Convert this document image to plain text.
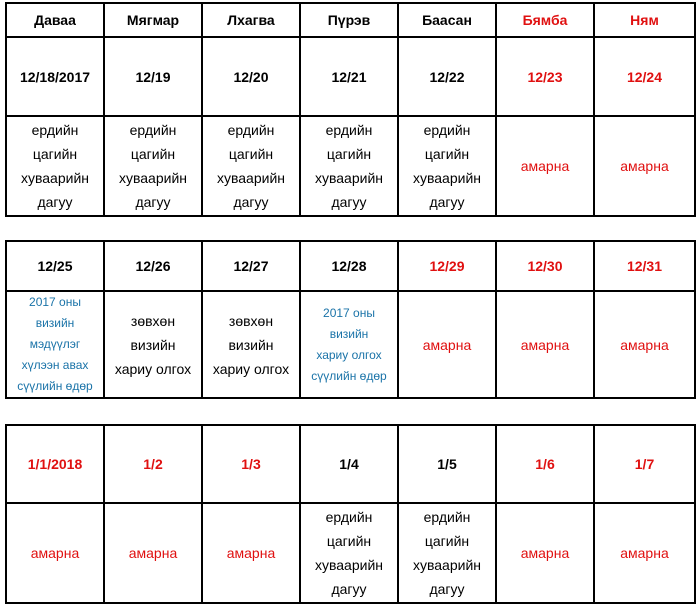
Даваа	Мягмар	Лхагва	Пүрэв	Баасан	Бямба	Ням
12/18/2017	12/19	12/20	12/21	12/22	12/23	12/24

ердийн
цагийн
хуваарийн
дагуу	ердийн
цагийн
хуваарийн
дагуу	ердийн
цагийн
хуваарийн
дагуу	ердийн
цагийн
хуваарийн
дагуу	ердийн
цагийн
хуваарийн
дагуу	амарна	амарна
12/25	12/26	12/27	12/28	12/29	12/30	12/31

2017 оны
визийн
мэдүүлэг
хүлээн авах
сүүлийн өдөр	зөвхөн
визийн
хариу олгох	зөвхөн
визийн
хариу олгох	2017 оны
визийн
хариу олгох
сүүлийн өдөр	амарна	амарна	амарна
1/1/2018	1/2	1/3	1/4	1/5	1/6	1/7
амарна	амарна	амарна	ердийн
цагийн
хуваарийн
дагуу	ердийн
цагийн
хуваарийн
дагуу	амарна	амарна
